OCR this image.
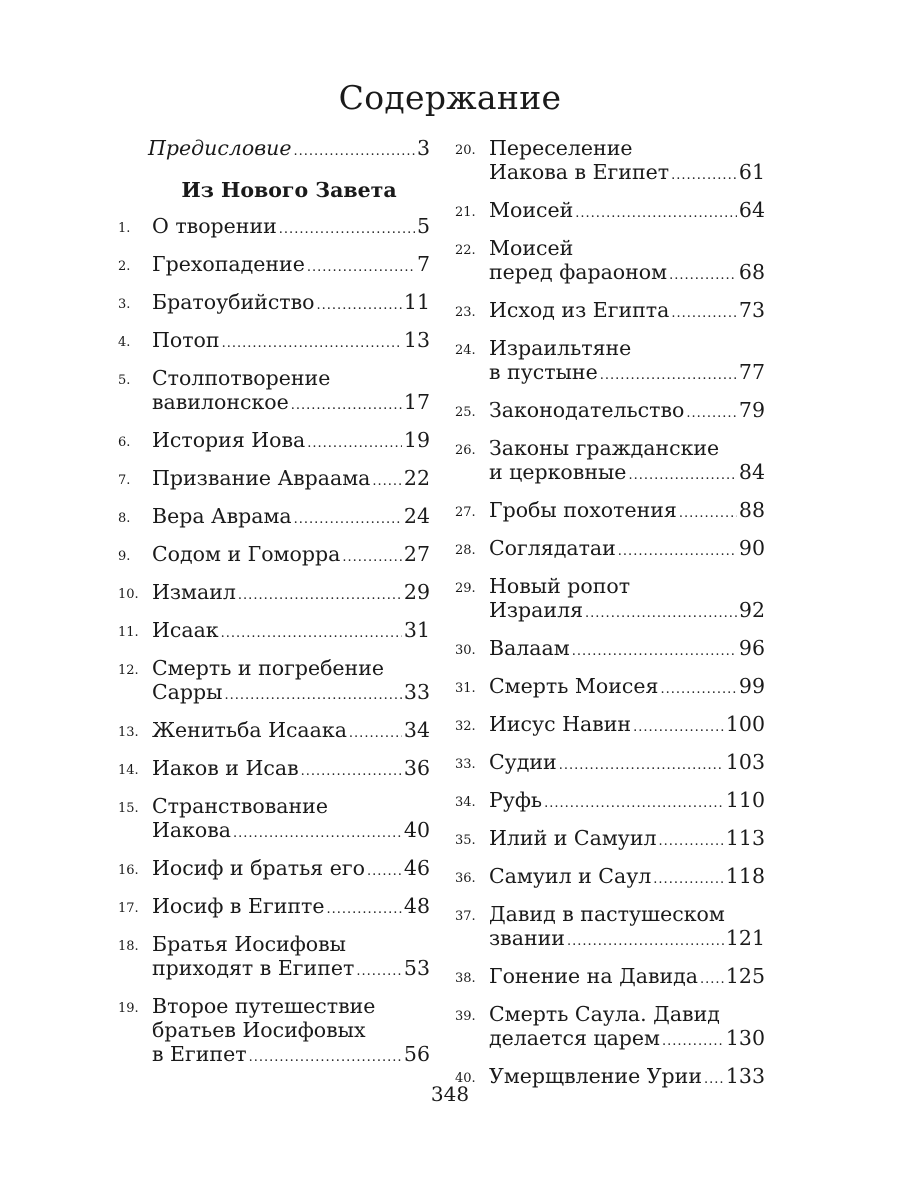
Содержание
Предисловие .....	3
Из Нового Завета
1.	О творении .....	5
2.	Грехопадение .....	7
3.	Братоубийство .....	11
4.	Потоп .....	13
5.	Столпотворение
вавилонское .....	17
6.	История Иова .....	19
7.	Призвание Авраама ..... 22
8.	Вера Аврама .....	24
9.	Содом и Гоморра .....	27
10. Измаил .....	29
11. Исаак .....	31
12. Смерть и погребение
Сарры .....	33
13. Женитьба Исаака .....	34
14. Иаков и Исав .....	36
15. Странствование
Иакова .....	40
16. Иосиф и братья его ..... 46
17. Иосиф в Египте .....	48
18. Братья Иосифовы
приходят в Египет ..... 53
19. Второе путешествие
братьев Иосифовых
в Египет .....	56
20. Переселение
Иакова в Египет .....	61
21. Моисей .....	64
22. Моисей
перед фараоном .....	68
23. Исход из Египта .....	73
24. Израильтяне
в пустыне .....	77
25. Законодательство .....	79
26. Законы гражданские
и церковные .....	84
27. Гробы похотения .....	88
28. Соглядатаи .....	90
29. Новый ропот
Израиля .....	92
30. Валаам .....	96
31. Смерть Моисея .....	99
32. Иисус Навин .....	100
33. Судии .....	103
34. Руфь .....	110
35. Илий и Самуил .....	113
36. Самуил и Саул .....	118
37. Давид в пастушеском
звании .....	121
38. Гонение на Давида ..... 125
39. Смерть Саула. Давид
делается царем .....	130
40. Умерщвление Урии ..... 133
348
